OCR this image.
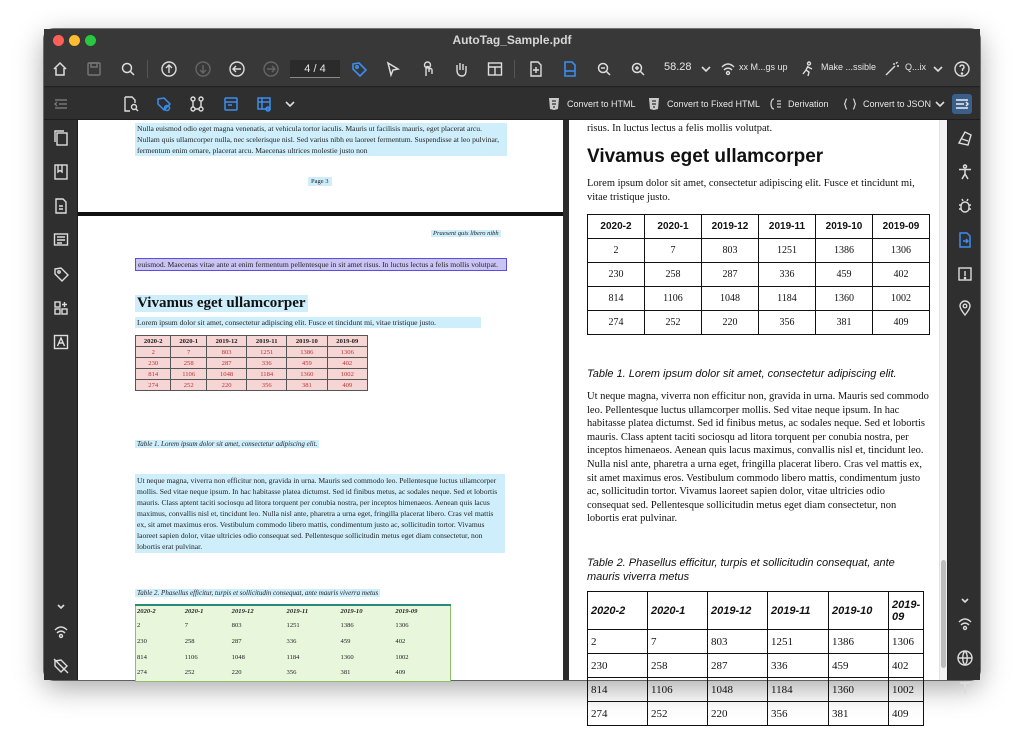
AutoTag_Sample.pdf
4 / 4	58.28	xx M...gs up	Make ...ssible	Q...ix
Convert to HTML	Convert to Fixed HTML	Derivation	Convert to JSON
Nulla euismod odio eget magna venenatis, at vehicula tortor iaculis. Mauris ut facilisis mauris, eget placerat arcu. Nullam quis ullamcorper nulla, nec scelerisque nisl. Sed varius nibh eu laoreet fermentum. Suspendisse at leo pulvinar, fermentum enim ornare, placerat arcu. Maecenas ultrices molestie justo non
Page 3
Praesent quis libero nibh
euismod. Maecenas vitae ante at enim fermentum pellentesque in sit amet risus. In luctus lectus a felis mollis volutpat.
Vivamus eget ullamcorper
Lorem ipsum dolor sit amet, consectetur adipiscing elit. Fusce et tincidunt mi, vitae tristique justo.
2020-2	2020-1	2019-12	2019-11	2019-10	2019-09
2	7	803	1251	1386	1306
230	258	287	336	459	402
814	1106	1048	1184	1360	1002
274	252	220	356	381	409
Table 1. Lorem ipsum dolor sit amet, consectetur adipiscing elit.
Ut neque magna, viverra non efficitur non, gravida in urna. Mauris sed commodo leo. Pellentesque luctus ullamcorper mollis. Sed vitae neque ipsum. In hac habitasse platea dictumst. Sed id finibus metus, ac sodales neque. Sed et lobortis mauris. Class aptent taciti sociosqu ad litora torquent per conubia nostra, per inceptos himenaeos. Aenean quis lacus maximus, convallis nisl et, tincidunt leo. Nulla nisl ante, pharetra a urna eget, fringilla placerat libero. Cras vel mattis ex, sit amet maximus eros. Vestibulum commodo libero mattis, condimentum justo ac, sollicitudin tortor. Vivamus laoreet sapien dolor, vitae ultricies odio consequat sed. Pellentesque sollicitudin metus eget diam consectetur, non lobortis erat pulvinar.
Table 2. Phasellus efficitur, turpis et sollicitudin consequat, ante mauris viverra metus
2020-2	2020-1	2019-12	2019-11	2019-10	2019-09
2	7	803	1251	1386	1306
230	258	287	336	459	402
814	1106	1048	1184	1360	1002
274	252	220	356	381	409
risus. In luctus lectus a felis mollis volutpat.
Vivamus eget ullamcorper
Lorem ipsum dolor sit amet, consectetur adipiscing elit. Fusce et tincidunt mi, vitae tristique justo.
2020-2	2020-1	2019-12	2019-11	2019-10	2019-09
2	7	803	1251	1386	1306
230	258	287	336	459	402
814	1106	1048	1184	1360	1002
274	252	220	356	381	409
Table 1. Lorem ipsum dolor sit amet, consectetur adipiscing elit.
Ut neque magna, viverra non efficitur non, gravida in urna. Mauris sed commodo leo. Pellentesque luctus ullamcorper mollis. Sed vitae neque ipsum. In hac habitasse platea dictumst. Sed id finibus metus, ac sodales neque. Sed et lobortis mauris. Class aptent taciti sociosqu ad litora torquent per conubia nostra, per inceptos himenaeos. Aenean quis lacus maximus, convallis nisl et, tincidunt leo. Nulla nisl ante, pharetra a urna eget, fringilla placerat libero. Cras vel mattis ex, sit amet maximus eros. Vestibulum commodo libero mattis, condimentum justo ac, sollicitudin tortor. Vivamus laoreet sapien dolor, vitae ultricies odio consequat sed. Pellentesque sollicitudin metus eget diam consectetur, non lobortis erat pulvinar.
Table 2. Phasellus efficitur, turpis et sollicitudin consequat, ante mauris viverra metus
2020-2	2020-1	2019-12	2019-11	2019-10	2019-09
2	7	803	1251	1386	1306
230	258	287	336	459	402
814	1106	1048	1184	1360	1002
274	252	220	356	381	409
